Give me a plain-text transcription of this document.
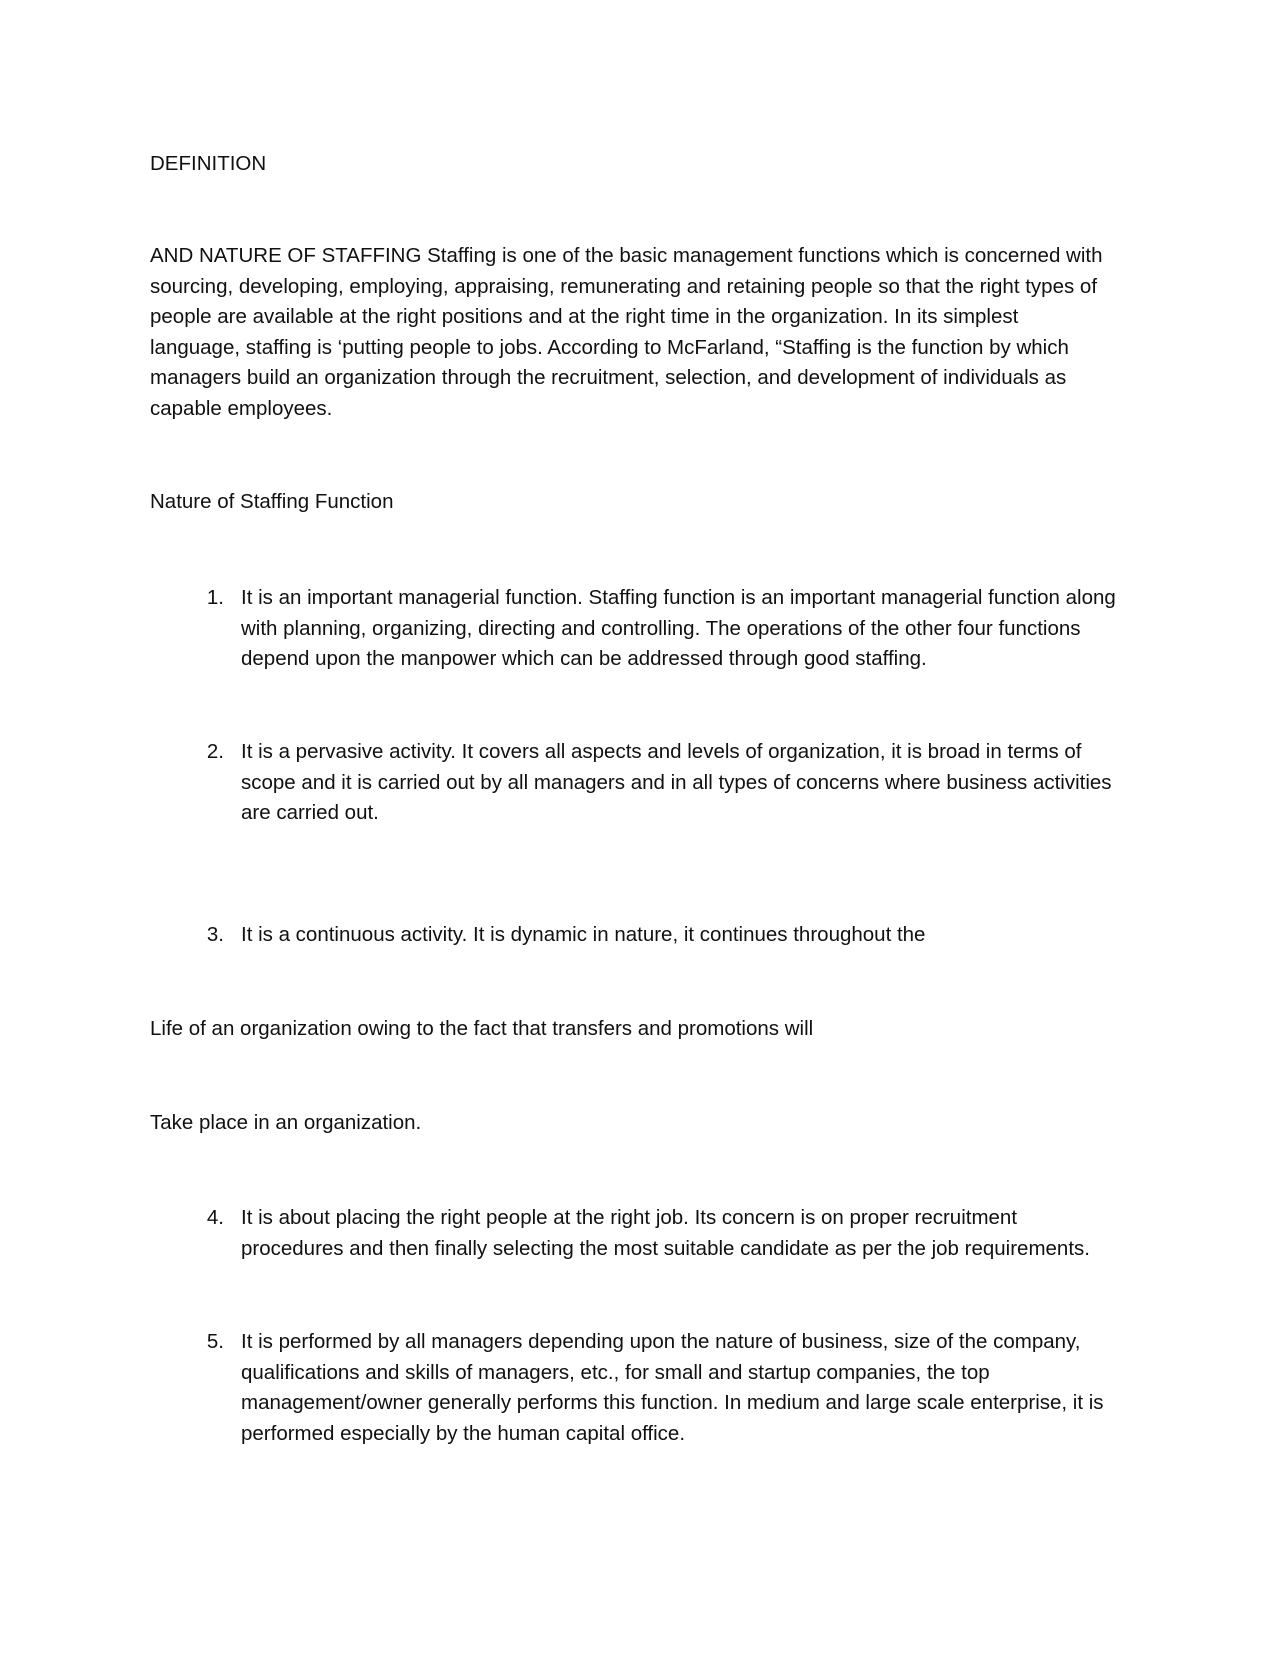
DEFINITION

AND NATURE OF STAFFING Staffing is one of the basic management functions which is concerned with sourcing, developing, employing, appraising, remunerating and retaining people so that the right types of people are available at the right positions and at the right time in the organization. In its simplest language, staffing is ‘putting people to jobs. According to McFarland, “Staffing is the function by which managers build an organization through the recruitment, selection, and development of individuals as capable employees.

Nature of Staffing Function

1. It is an important managerial function. Staffing function is an important managerial function along with planning, organizing, directing and controlling. The operations of the other four functions depend upon the manpower which can be addressed through good staffing.
2. It is a pervasive activity. It covers all aspects and levels of organization, it is broad in terms of scope and it is carried out by all managers and in all types of concerns where business activities are carried out.
3. It is a continuous activity. It is dynamic in nature, it continues throughout the

Life of an organization owing to the fact that transfers and promotions will

Take place in an organization.

4. It is about placing the right people at the right job. Its concern is on proper recruitment procedures and then finally selecting the most suitable candidate as per the job requirements.
5. It is performed by all managers depending upon the nature of business, size of the company, qualifications and skills of managers, etc., for small and startup companies, the top management/owner generally performs this function. In medium and large scale enterprise, it is performed especially by the human capital office.
